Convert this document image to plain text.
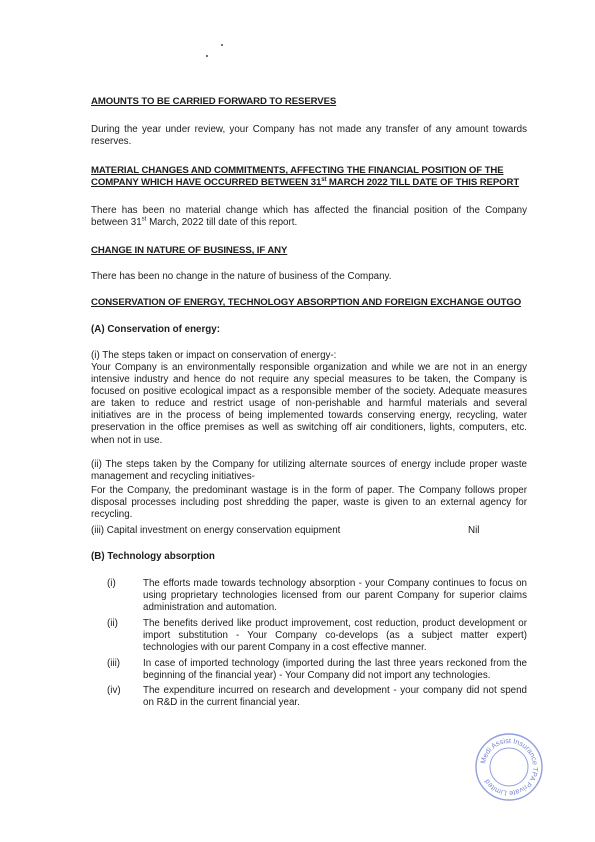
AMOUNTS TO BE CARRIED FORWARD TO RESERVES
During the year under review, your Company has not made any transfer of any amount towards reserves.
MATERIAL CHANGES AND COMMITMENTS, AFFECTING THE FINANCIAL POSITION OF THE
COMPANY WHICH HAVE OCCURRED BETWEEN 31st MARCH 2022 TILL DATE OF THIS REPORT
There has been no material change which has affected the financial position of the Company between 31st March, 2022 till date of this report.
CHANGE IN NATURE OF BUSINESS, IF ANY
There has been no change in the nature of business of the Company.
CONSERVATION OF ENERGY, TECHNOLOGY ABSORPTION AND FOREIGN EXCHANGE OUTGO
(A) Conservation of energy:
(i) The steps taken or impact on conservation of energy-:
Your Company is an environmentally responsible organization and while we are not in an energy intensive industry and hence do not require any special measures to be taken, the Company is focused on positive ecological impact as a responsible member of the society. Adequate measures are taken to reduce and restrict usage of non-perishable and harmful materials and several initiatives are in the process of being implemented towards conserving energy, recycling, water preservation in the office premises as well as switching off air conditioners, lights, computers, etc. when not in use.
(ii) The steps taken by the Company for utilizing alternate sources of energy include proper waste management and recycling initiatives-
For the Company, the predominant wastage is in the form of paper. The Company follows proper disposal processes including post shredding the paper, waste is given to an external agency for recycling.
(iii) Capital investment on energy conservation equipment	Nil
(B) Technology absorption
(i)	The efforts made towards technology absorption - your Company continues to focus on using proprietary technologies licensed from our parent Company for superior claims administration and automation.
(ii)	The benefits derived like product improvement, cost reduction, product development or import substitution - Your Company co-develops (as a subject matter expert) technologies with our parent Company in a cost effective manner.
(iii)	In case of imported technology (imported during the last three years reckoned from the beginning of the financial year) - Your Company did not import any technologies.
(iv)	The expenditure incurred on research and development - your company did not spend on R&D in the current financial year.
Medi Assist Insurance TPA Private Limited
